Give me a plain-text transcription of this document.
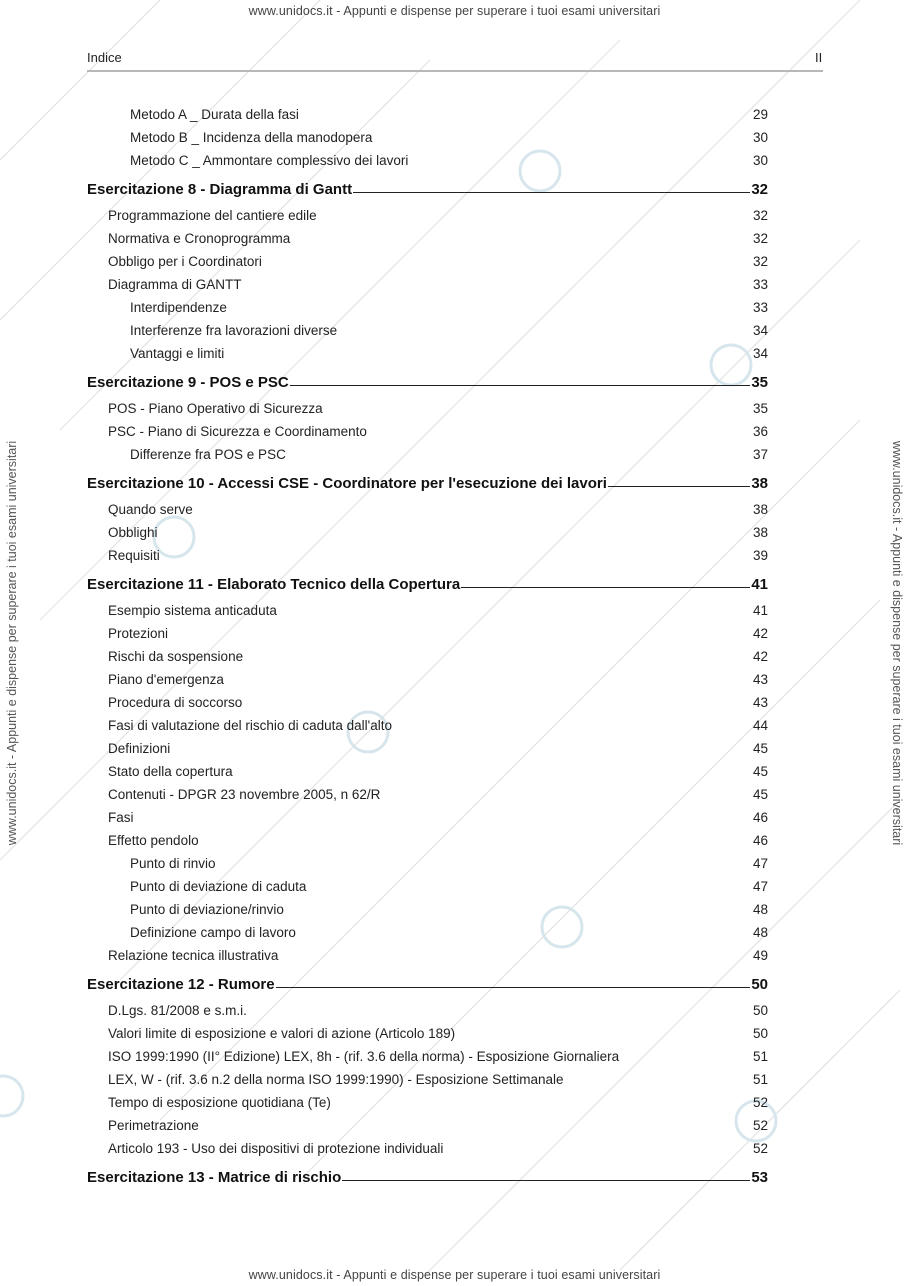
www.unidocs.it - Appunti e dispense per superare i tuoi esami universitari
www.unidocs.it - Appunti e dispense per superare i tuoi esami universitari
www.unidocs.it - Appunti e dispense per superare i tuoi esami universitari	www.unidocs.it - Appunti e dispense per superare i tuoi esami universitari
Indice	II
Metodo A _ Durata della fasi	29
Metodo B _ Incidenza della manodopera	30
Metodo C _ Ammontare complessivo dei lavori	30
Esercitazione 8 - Diagramma di Gantt	32
Programmazione del cantiere edile	32
Normativa e Cronoprogramma	32
Obbligo per i Coordinatori	32
Diagramma di GANTT	33
Interdipendenze	33
Interferenze fra lavorazioni diverse	34
Vantaggi e limiti	34
Esercitazione 9 - POS e PSC	35
POS - Piano Operativo di Sicurezza	35
PSC - Piano di Sicurezza e Coordinamento	36
Differenze fra POS e PSC	37
Esercitazione 10 - Accessi CSE - Coordinatore per l'esecuzione dei lavori	38
Quando serve	38
Obblighi	38
Requisiti	39
Esercitazione 11 - Elaborato Tecnico della Copertura	41
Esempio sistema anticaduta	41
Protezioni	42
Rischi da sospensione	42
Piano d'emergenza	43
Procedura di soccorso	43
Fasi di valutazione del rischio di caduta dall'alto	44
Definizioni	45
Stato della copertura	45
Contenuti - DPGR 23 novembre 2005, n 62/R	45
Fasi	46
Effetto pendolo	46
Punto di rinvio	47
Punto di deviazione di caduta	47
Punto di deviazione/rinvio	48
Definizione campo di lavoro	48
Relazione tecnica illustrativa	49
Esercitazione 12 - Rumore	50
D.Lgs. 81/2008 e s.m.i.	50
Valori limite di esposizione e valori di azione (Articolo 189)	50
ISO 1999:1990 (II° Edizione) LEX, 8h - (rif. 3.6 della norma) - Esposizione Giornaliera	51
LEX, W - (rif. 3.6 n.2 della norma ISO 1999:1990) - Esposizione Settimanale	51
Tempo di esposizione quotidiana (Te)	52
Perimetrazione	52
Articolo 193 - Uso dei dispositivi di protezione individuali	52
Esercitazione 13 - Matrice di rischio	53
